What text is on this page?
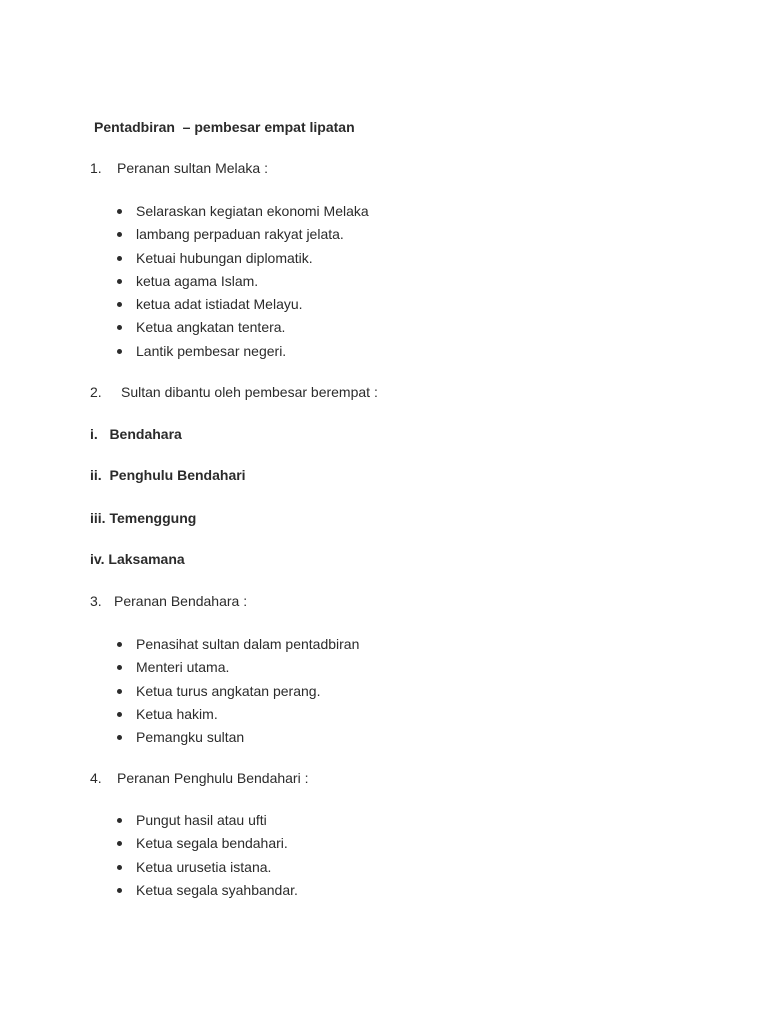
Pentadbiran  – pembesar empat lipatan
1. Peranan sultan Melaka :
Selaraskan kegiatan ekonomi Melaka
lambang perpaduan rakyat jelata.
Ketuai hubungan diplomatik.
ketua agama Islam.
ketua adat istiadat Melayu.
Ketua angkatan tentera.
Lantik pembesar negeri.
2. Sultan dibantu oleh pembesar berempat :
i.   Bendahara
ii.  Penghulu Bendahari
iii. Temenggung
iv. Laksamana
3. Peranan Bendahara :
Penasihat sultan dalam pentadbiran
Menteri utama.
Ketua turus angkatan perang.
Ketua hakim.
Pemangku sultan
4. Peranan Penghulu Bendahari :
Pungut hasil atau ufti
Ketua segala bendahari.
Ketua urusetia istana.
Ketua segala syahbandar.
